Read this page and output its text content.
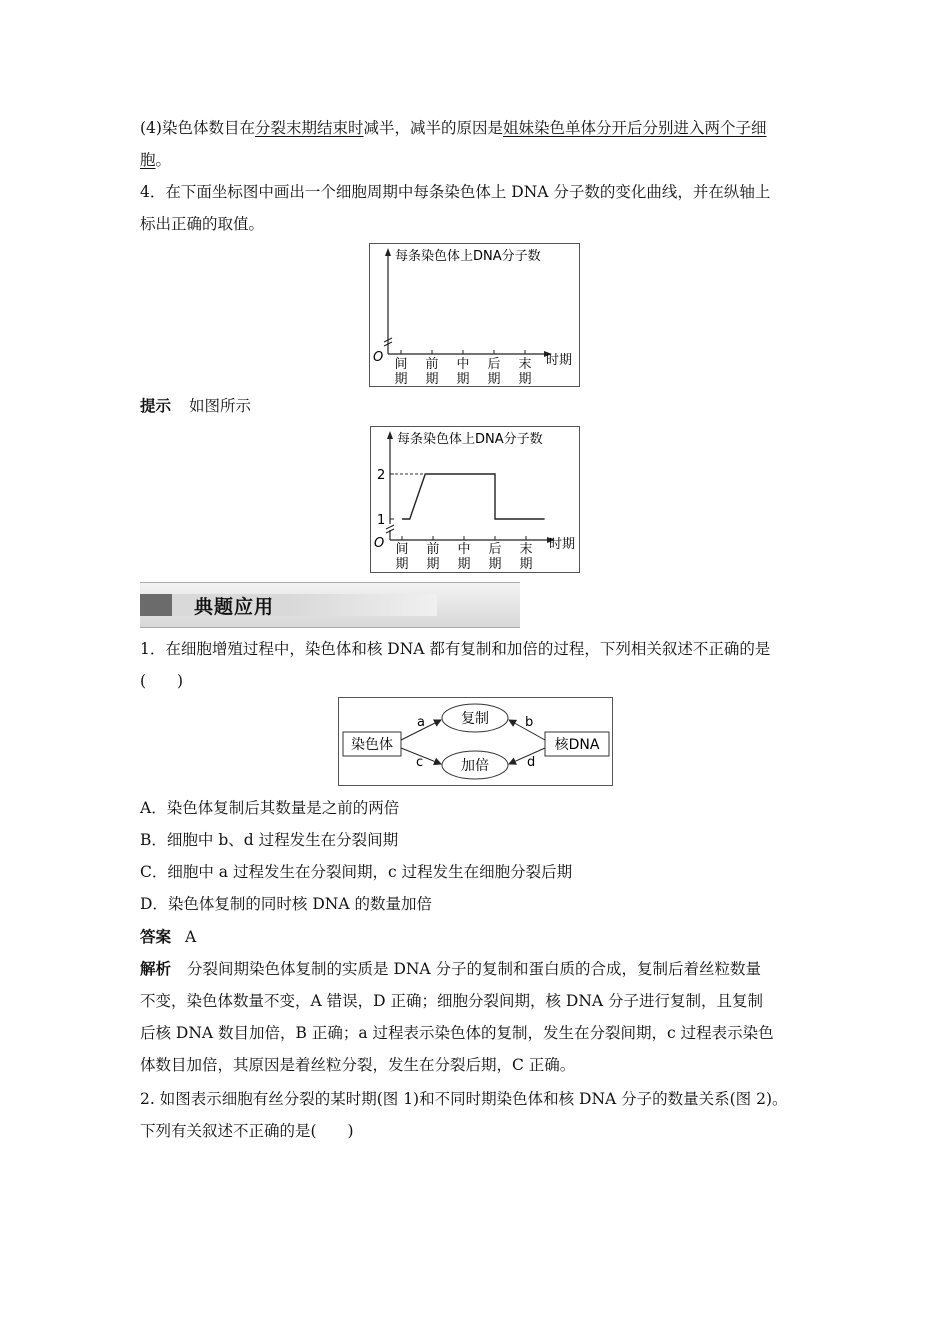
(4)染色体数目在分裂末期结束时减半，减半的原因是姐妹染色单体分开后分别进入两个子细
胞。
4．在下面坐标图中画出一个细胞周期中每条染色体上 DNA 分子数的变化曲线，并在纵轴上
标出正确的取值。
每条染色体上DNA分子数
O	时期
间
期
前
期
中
期
后
期
末
期
提示 如图所示
每条染色体上DNA分子数
O	时期
1
2
间
期
前
期
中
期
后
期
末
期
典题应用
1．在细胞增殖过程中，染色体和核 DNA 都有复制和加倍的过程，下列相关叙述不正确的是
(　　)
染色体	核DNA
复制
加倍
a	b
c	d
A．染色体复制后其数量是之前的两倍
B．细胞中 b、d 过程发生在分裂间期
C．细胞中 a 过程发生在分裂间期，c 过程发生在细胞分裂后期
D．染色体复制的同时核 DNA 的数量加倍
答案 A
解析 分裂间期染色体复制的实质是 DNA 分子的复制和蛋白质的合成，复制后着丝粒数量
不变，染色体数量不变，A 错误，D 正确；细胞分裂间期，核 DNA 分子进行复制，且复制
后核 DNA 数目加倍，B 正确；a 过程表示染色体的复制，发生在分裂间期，c 过程表示染色
体数目加倍，其原因是着丝粒分裂，发生在分裂后期，C 正确。
2. 如图表示细胞有丝分裂的某时期(图 1)和不同时期染色体和核 DNA 分子的数量关系(图 2)。
下列有关叙述不正确的是(　　)
